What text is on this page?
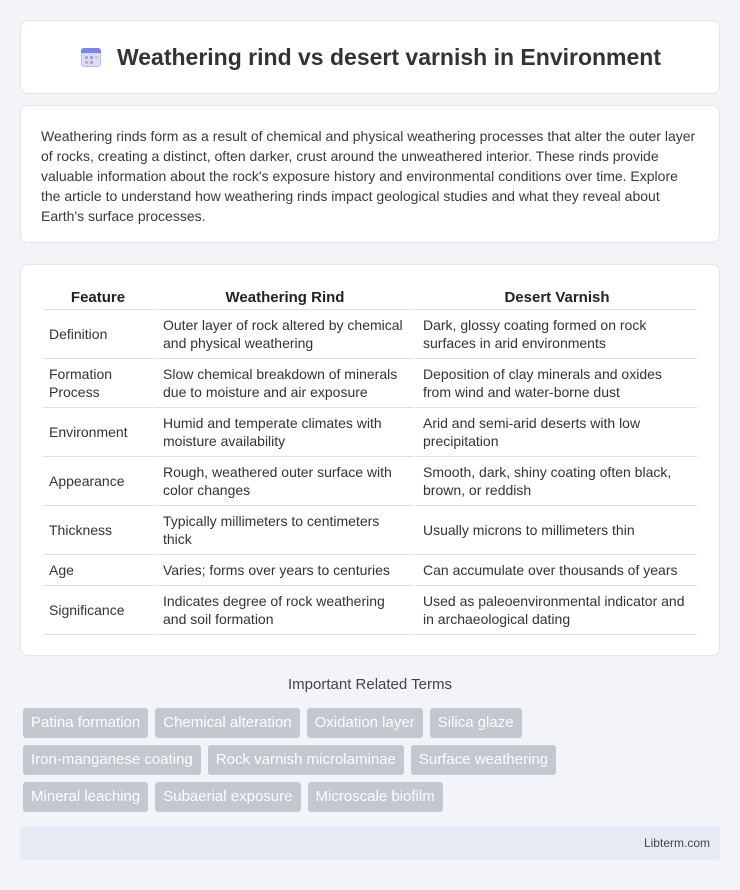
Weathering rind vs desert varnish in Environment

Weathering rinds form as a result of chemical and physical weathering processes that alter the outer layer of rocks, creating a distinct, often darker, crust around the unweathered interior. These rinds provide valuable information about the rock's exposure history and environmental conditions over time. Explore the article to understand how weathering rinds impact geological studies and what they reveal about Earth's surface processes.

Feature	Weathering Rind	Desert Varnish
Definition	Outer layer of rock altered by chemical and physical weathering	Dark, glossy coating formed on rock surfaces in arid environments
Formation Process	Slow chemical breakdown of minerals due to moisture and air exposure	Deposition of clay minerals and oxides from wind and water-borne dust
Environment	Humid and temperate climates with moisture availability	Arid and semi-arid deserts with low precipitation
Appearance	Rough, weathered outer surface with color changes	Smooth, dark, shiny coating often black, brown, or reddish
Thickness	Typically millimeters to centimeters thick	Usually microns to millimeters thin
Age	Varies; forms over years to centuries	Can accumulate over thousands of years
Significance	Indicates degree of rock weathering and soil formation	Used as paleoenvironmental indicator and in archaeological dating
Important Related Terms
Patina formation	Chemical alteration	Oxidation layer	Silica glaze
Iron-manganese coating	Rock varnish microlaminae	Surface weathering
Mineral leaching	Subaerial exposure	Microscale biofilm
Libterm.com
